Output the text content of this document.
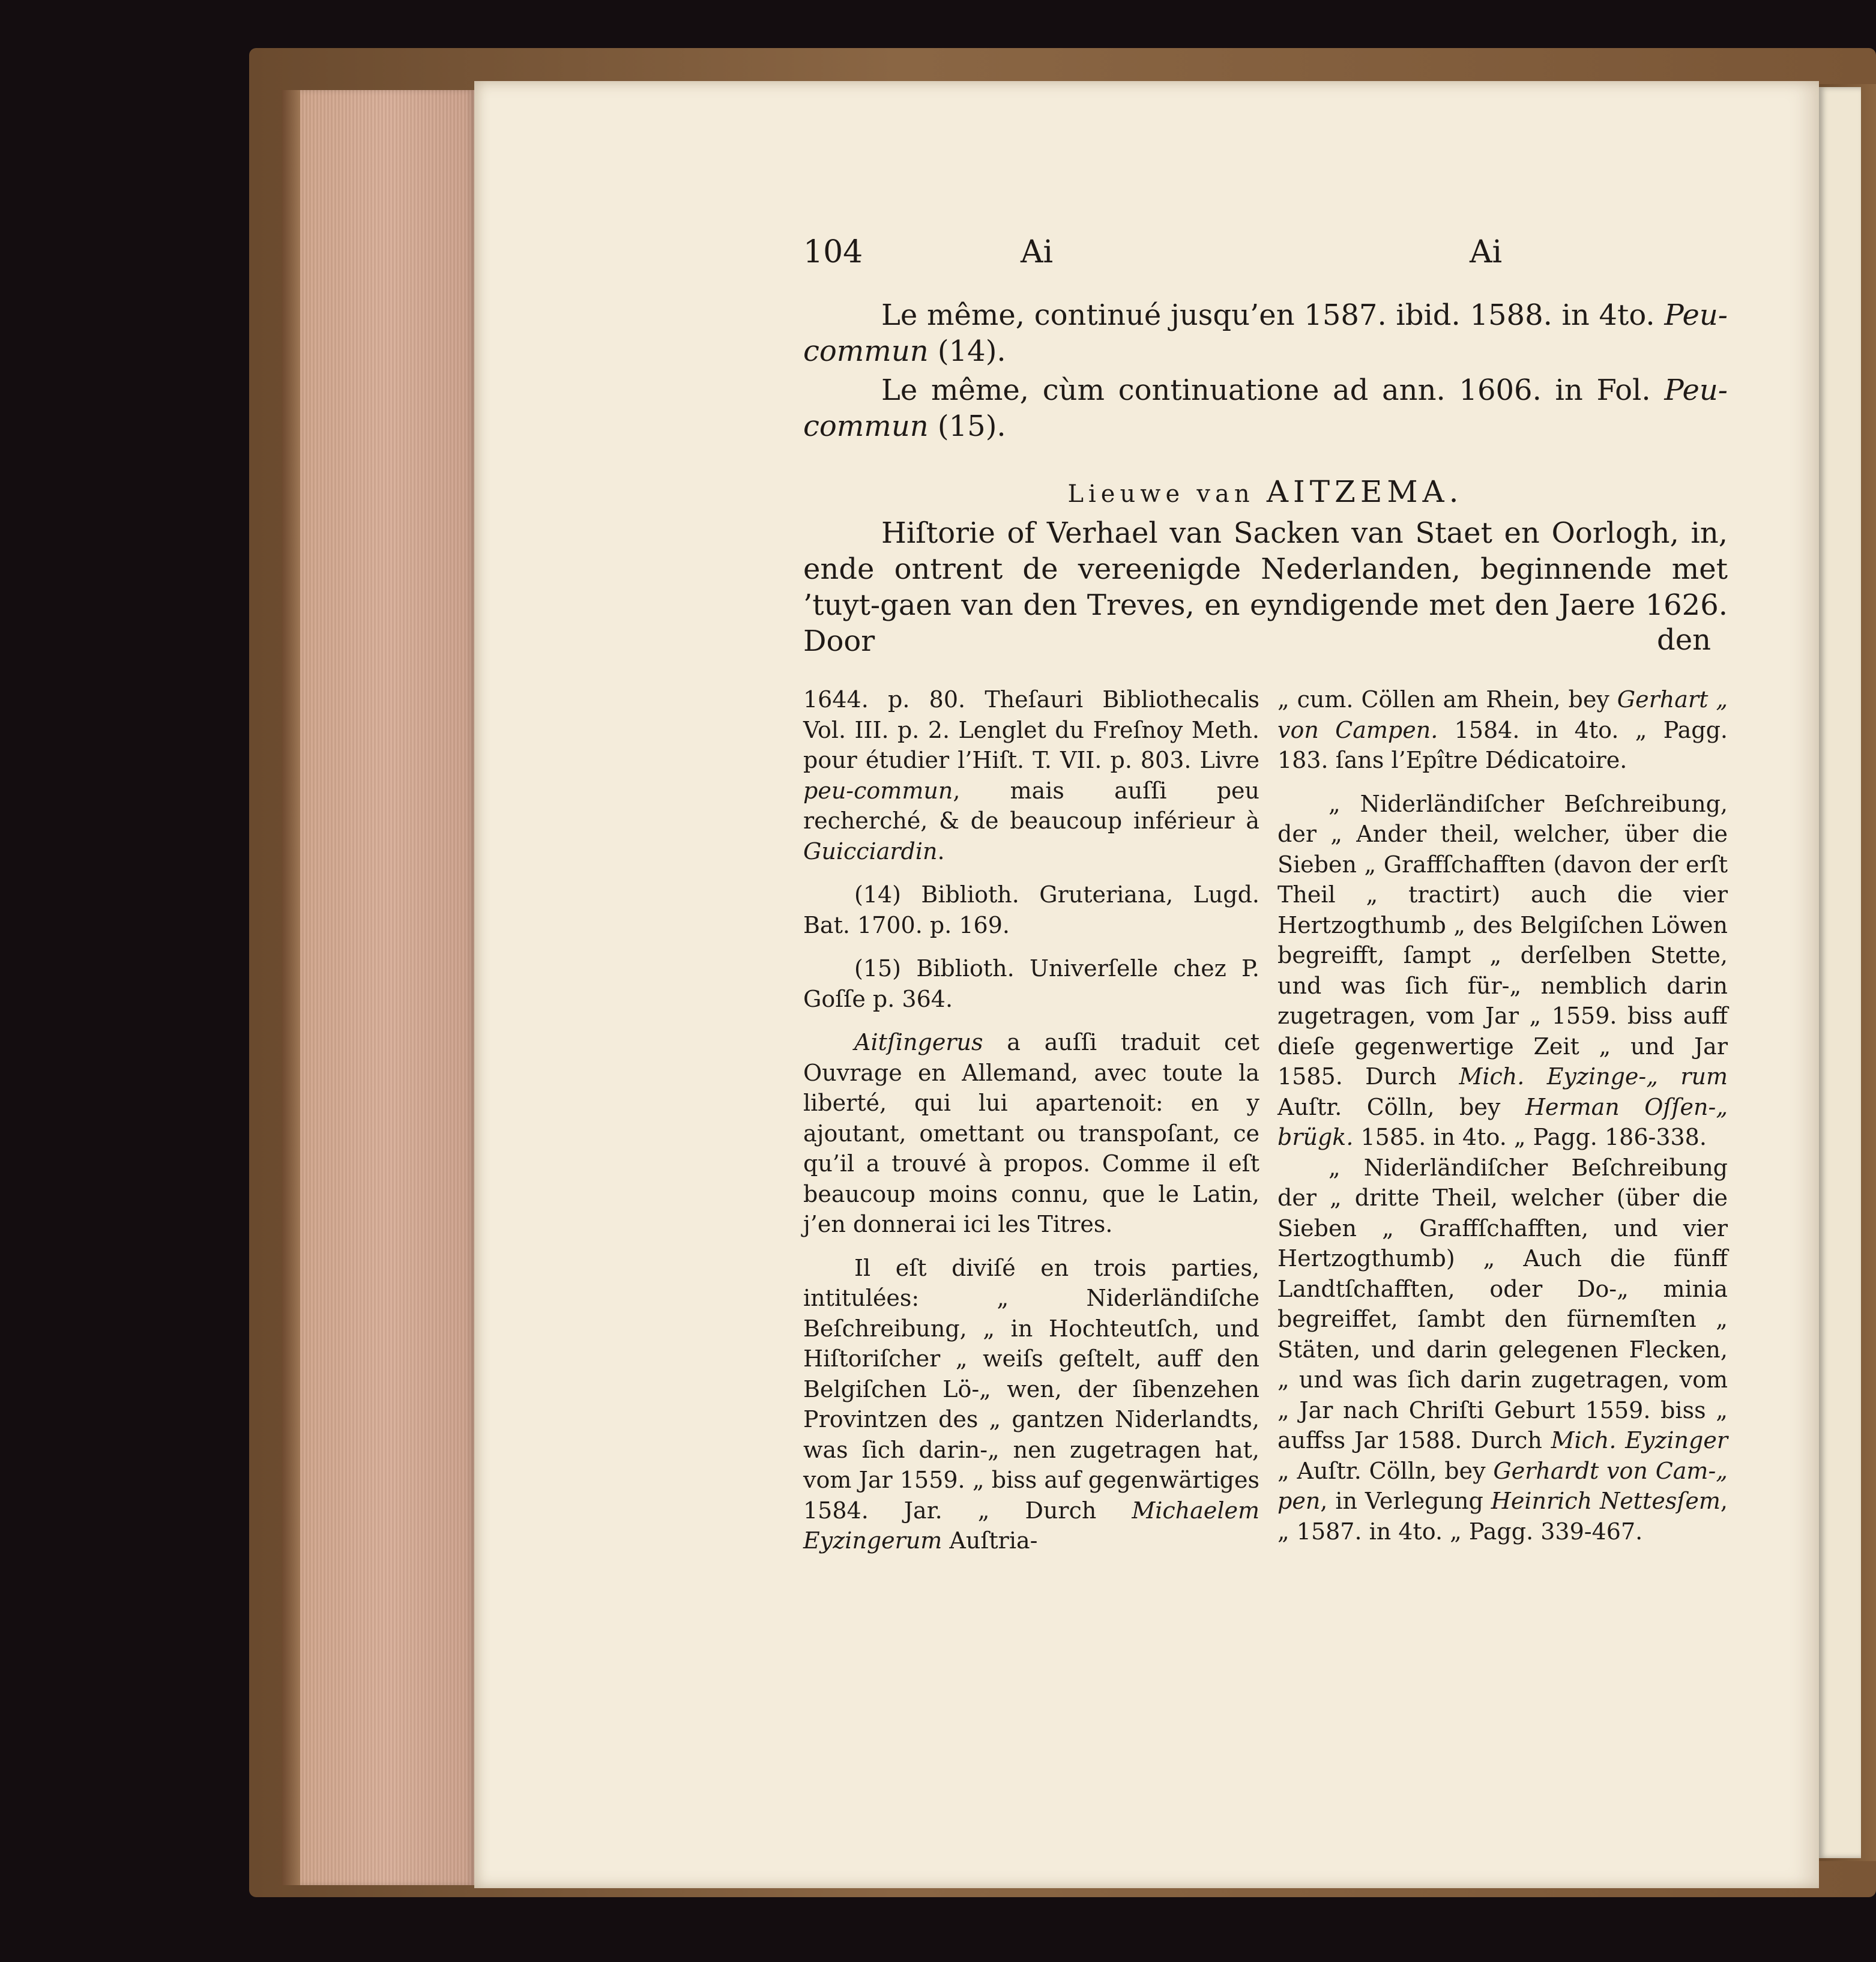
104	Ai	Ai
Le même, continué jusqu’en 1587. ibid. 1588. in 4to. Peu-commun (14).
Le même, cùm continuatione ad ann. 1606. in Fol. Peu-commun (15).
Lieuwe van AITZEMA.
Hiſtorie of Verhael van Sacken van Staet en Oorlogh, in, ende ontrent de vereenigde Nederlanden, beginnende met ’tuyt-gaen van den Treves, en eyndigende met den Jaere 1626. Door	den

1644. p. 80. Theſauri Bibliothecalis Vol. III. p. 2. Lenglet du Freſnoy Meth. pour étudier l’Hiſt. T. VII. p. 803. Livre peu-commun, mais auſſi peu recherché, & de beaucoup inférieur à Guicciardin.

(14) Biblioth. Gruteriana, Lugd. Bat. 1700. p. 169.

(15) Biblioth. Univerſelle chez P. Goſſe p. 364.

Aitſingerus a auſſi traduit cet Ouvrage en Allemand, avec toute la liberté, qui lui apartenoit: en y ajoutant, omettant ou transpoſant, ce qu’il a trouvé à propos. Comme il eſt beaucoup moins connu, que le Latin, j’en donnerai ici les Titres.

Il eſt diviſé en trois parties, intitulées: „ Niderländiſche Beſchreibung, „ in Hochteutſch, und Hiſtoriſcher „ weiſs geſtelt, auff den Belgiſchen Lö-„ wen, der ſibenzehen Provintzen des „ gantzen Niderlandts, was ſich darin-„ nen zugetragen hat, vom Jar 1559. „ biss auf gegenwärtiges 1584. Jar. „ Durch Michaelem Eyzingerum Auſtria-

„ cum. Cöllen am Rhein, bey Gerhart „ von Campen. 1584. in 4to. „ Pagg. 183. ſans l’Epître Dédicatoire.

„ Niderländiſcher Beſchreibung, der „ Ander theil, welcher, über die Sieben „ Graffſchafften (davon der erſt Theil „ tractirt) auch die vier Hertzogthumb „ des Belgiſchen Löwen begreifft, ſampt „ derſelben Stette, und was ſich für-„ nemblich darin zugetragen, vom Jar „ 1559. biss auff dieſe gegenwertige Zeit „ und Jar 1585. Durch Mich. Eyzinge-„ rum Auſtr. Cölln, bey Herman Oſſen-„ brügk. 1585. in 4to. „ Pagg. 186-338.

„ Niderländiſcher Beſchreibung der „ dritte Theil, welcher (über die Sieben „ Graffſchafften, und vier Hertzogthumb) „ Auch die fünff Landtſchafften, oder Do-„ minia begreiffet, ſambt den fürnemſten „ Stäten, und darin gelegenen Flecken, „ und was ſich darin zugetragen, vom „ Jar nach Chriſti Geburt 1559. biss „ auffss Jar 1588. Durch Mich. Eyzinger „ Auſtr. Cölln, bey Gerhardt von Cam-„ pen, in Verlegung Heinrich Nettesſem, „ 1587. in 4to. „ Pagg. 339-467.
